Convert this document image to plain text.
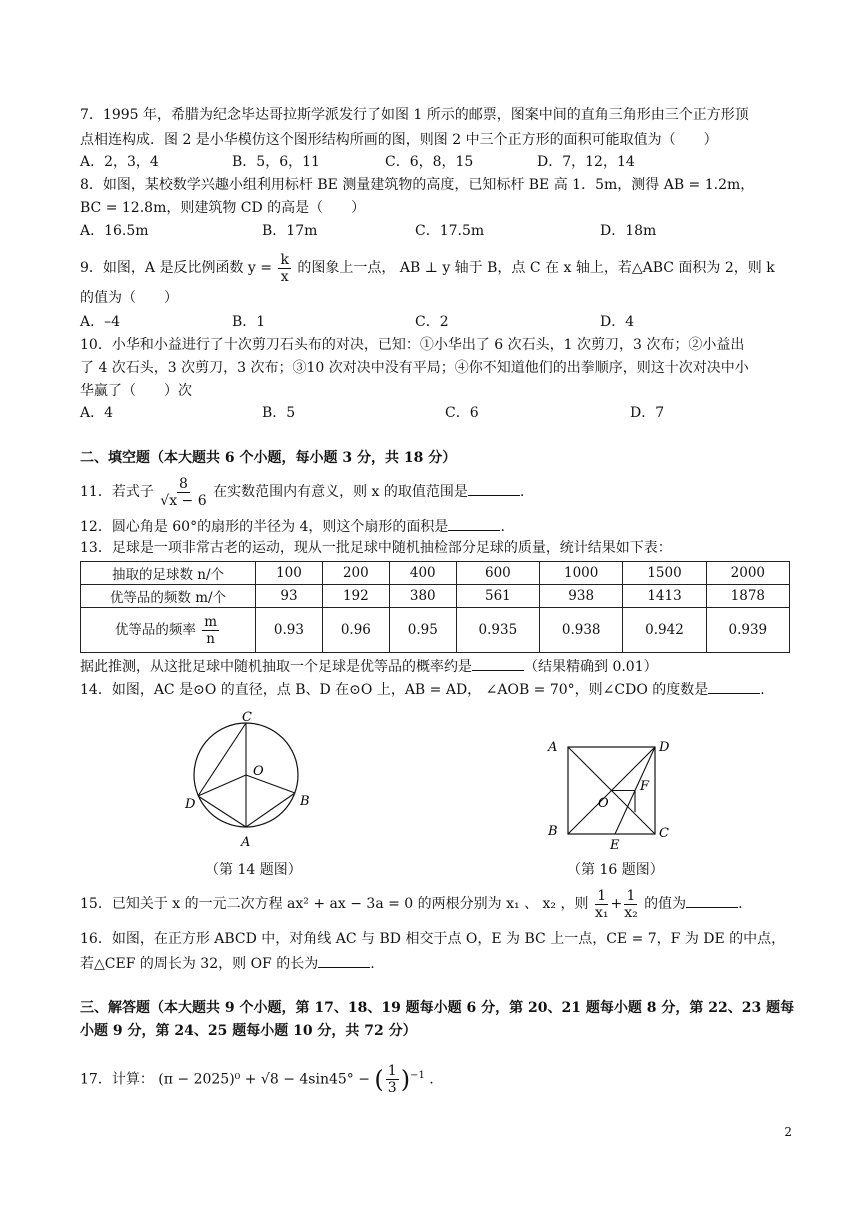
7．1995 年，希腊为纪念毕达哥拉斯学派发行了如图 1 所示的邮票，图案中间的直角三角形由三个正方形顶
点相连构成．图 2 是小华模仿这个图形结构所画的图，则图 2 中三个正方形的面积可能取值为（　　）
A．2，3，4	B．5，6，11	C．6，8，15	D．7，12，14
8．如图，某校数学兴趣小组利用标杆 BE 测量建筑物的高度，已知标杆 BE 高 1．5m，测得 AB = 1.2m，
BC = 12.8m，则建筑物 CD 的高是（　　）
A．16.5m	B．17m	C．17.5m	D．18m
9．如图，A 是反比例函数 $y = \frac{k}{x}$ 的图象上一点， AB ⊥ y 轴于 B，点 C 在 x 轴上，若△ABC 面积为 2，则 k
的值为（　　）
A．–4	B．1	C．2	D．4
10．小华和小益进行了十次剪刀石头布的对决，已知：①小华出了 6 次石头，1 次剪刀，3 次布；②小益出
了 4 次石头，3 次剪刀，3 次布；③10 次对决中没有平局；④你不知道他们的出拳顺序，则这十次对决中小
华赢了（　　）次
A．4	B．5	C．6	D．7
二、填空题（本大题共 6 个小题，每小题 3 分，共 18 分）
11．若式子 $\frac{8}{√x - 6}$ 在实数范围内有意义，则 x 的取值范围是	.
12．圆心角是 60°的扇形的半径为 4，则这个扇形的面积是	.
13．足球是一项非常古老的运动，现从一批足球中随机抽检部分足球的质量，统计结果如下表：
抽取的足球数 n/个	100	200	400	600	1000	1500	2000
优等品的频数 m/个	93	192	380	561	938	1413	1878
优等品的频率 $\frac{m}{n}$	0.93	0.96	0.95	0.935	0.938	0.942	0.939
据此推测，从这批足球中随机抽取一个足球是优等品的概率约是	（结果精确到 0.01）
14．如图，AC 是⊙O 的直径，点 B、D 在⊙O 上，AB = AD， ∠AOB = 70°，则∠CDO 的度数是	.
C
O
D	B
A
（第 14 题图）
A	D
F
O
B
E
C
（第 16 题图）
15．已知关于 x 的一元二次方程 ax² + ax − 3a = 0 的两根分别为 x₁ 、 x₂ ，则 $\frac{1}{\text{x₁}} + \frac{1}{\text{x₂}}$ 的值为	.
16．如图，在正方形 ABCD 中，对角线 AC 与 BD 相交于点 O，E 为 BC 上一点，CE = 7，F 为 DE 的中点，
若△CEF 的周长为 32，则 OF 的长为	.
三、解答题（本大题共 9 个小题，第 17、18、19 题每小题 6 分，第 20、21 题每小题 8 分，第 22、23 题每
小题 9 分，第 24、25 题每小题 10 分，共 72 分）
17．计算： (π − 2025)⁰ + √8 − 4sin45° − ( $\frac{1}{3} )^{-1}$ .
2
